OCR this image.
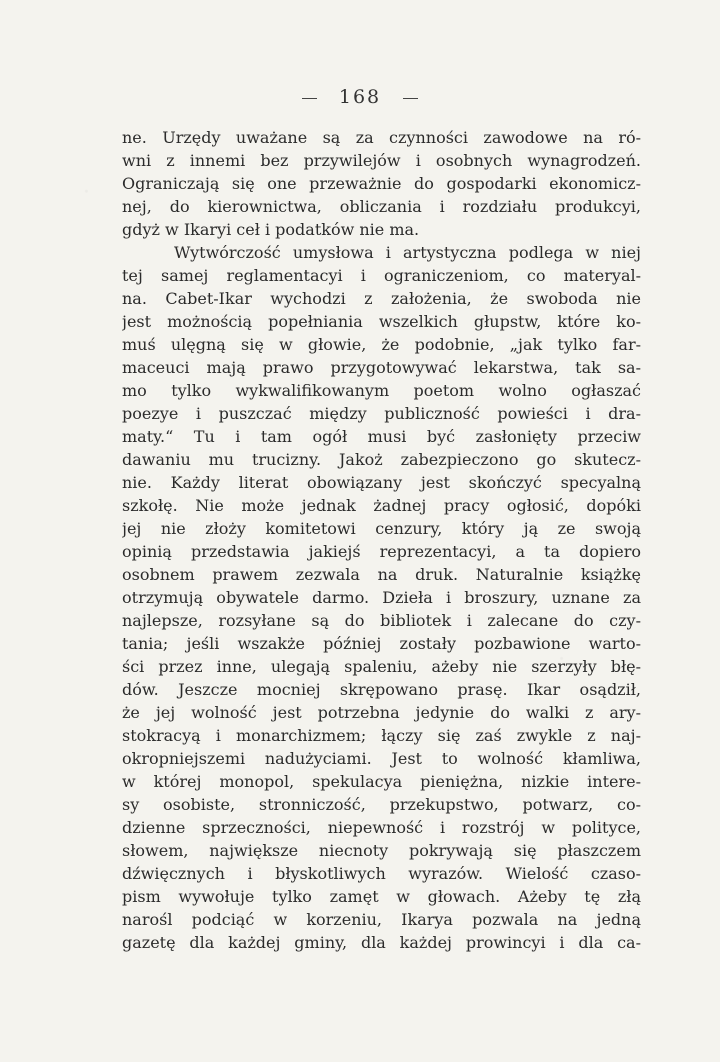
168
ne. Urzędy uważane są za czynności zawodowe na ró-
wni z innemi bez przywilejów i osobnych wynagrodzeń.
Ograniczają się one przeważnie do gospodarki ekonomicz-
nej, do kierownictwa, obliczania i rozdziału produkcyi,
gdyż w Ikaryi ceł i podatków nie ma.
Wytwórczość umysłowa i artystyczna podlega w niej
tej samej reglamentacyi i ograniczeniom, co materyal-
na. Cabet-Ikar wychodzi z założenia, że swoboda nie
jest możnością popełniania wszelkich głupstw, które ko-
muś ulęgną się w głowie, że podobnie, „jak tylko far-
maceuci mają prawo przygotowywać lekarstwa, tak sa-
mo tylko wykwalifikowanym poetom wolno ogłaszać
poezye i puszczać między publiczność powieści i dra-
maty.“ Tu i tam ogół musi być zasłonięty przeciw
dawaniu mu trucizny. Jakoż zabezpieczono go skutecz-
nie. Każdy literat obowiązany jest skończyć specyalną
szkołę. Nie może jednak żadnej pracy ogłosić, dopóki
jej nie złoży komitetowi cenzury, który ją ze swoją
opinią przedstawia jakiejś reprezentacyi, a ta dopiero
osobnem prawem zezwala na druk. Naturalnie książkę
otrzymują obywatele darmo. Dzieła i broszury, uznane za
najlepsze, rozsyłane są do bibliotek i zalecane do czy-
tania; jeśli wszakże później zostały pozbawione warto-
ści przez inne, ulegają spaleniu, ażeby nie szerzyły błę-
dów. Jeszcze mocniej skrępowano prasę. Ikar osądził,
że jej wolność jest potrzebna jedynie do walki z ary-
stokracyą i monarchizmem; łączy się zaś zwykle z naj-
okropniejszemi nadużyciami. Jest to wolność kłamliwa,
w której monopol, spekulacya pieniężna, nizkie intere-
sy osobiste, stronniczość, przekupstwo, potwarz, co-
dzienne sprzeczności, niepewność i rozstrój w polityce,
słowem, największe niecnoty pokrywają się płaszczem
dźwięcznych i błyskotliwych wyrazów. Wielość czaso-
pism wywołuje tylko zamęt w głowach. Ażeby tę złą
narośl podciąć w korzeniu, Ikarya pozwala na jedną
gazetę dla każdej gminy, dla każdej prowincyi i dla ca-
